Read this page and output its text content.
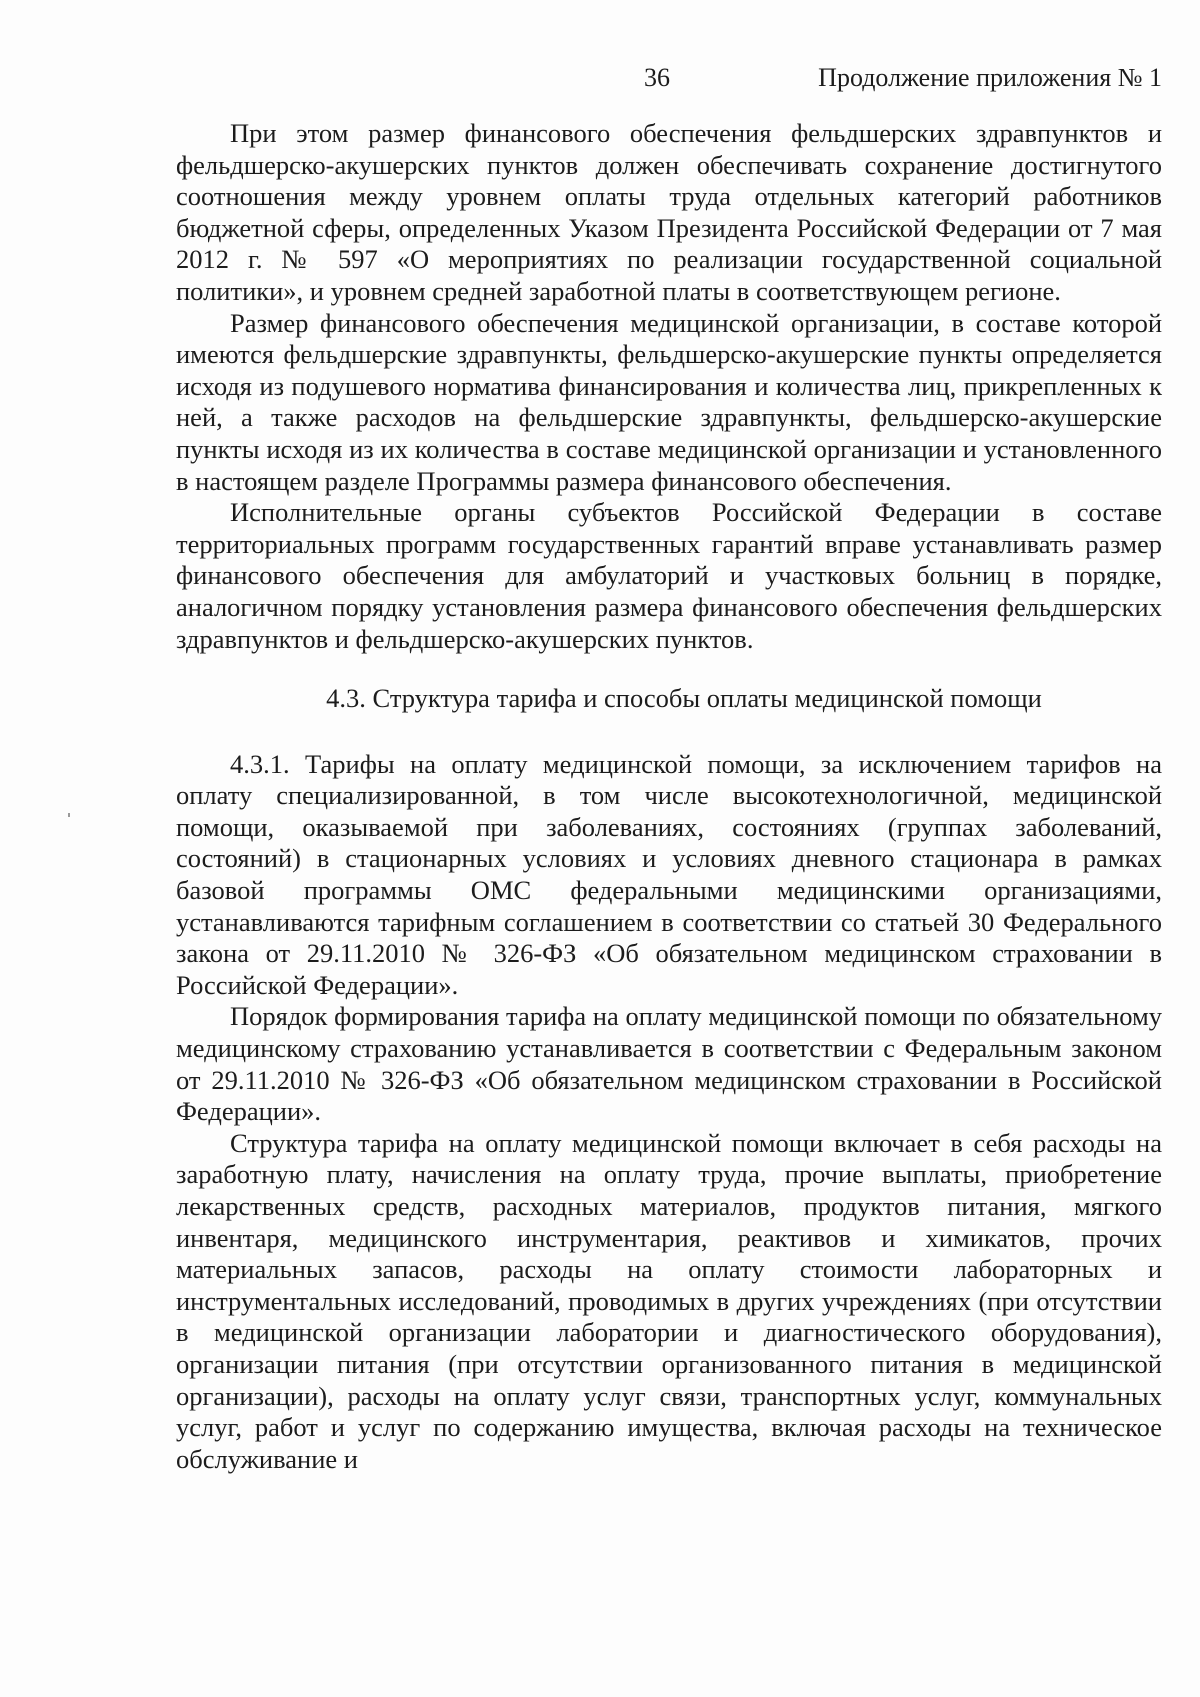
36	Продолжение приложения № 1

При этом размер финансового обеспечения фельдшерских здравпунктов и фельдшерско-акушерских пунктов должен обеспечивать сохранение достигнутого соотношения между уровнем оплаты труда отдельных категорий работников бюджетной сферы, определенных Указом Президента Российской Федерации от 7 мая 2012 г. № 597 «О мероприятиях по реализации государственной социальной политики», и уровнем средней заработной платы в соответствующем регионе.

Размер финансового обеспечения медицинской организации, в составе которой имеются фельдшерские здравпункты, фельдшерско-акушерские пункты определяется исходя из подушевого норматива финансирования и количества лиц, прикрепленных к ней, а также расходов на фельдшерские здравпункты, фельдшерско-акушерские пункты исходя из их количества в составе медицинской организации и установленного в настоящем разделе Программы размера финансового обеспечения.

Исполнительные органы субъектов Российской Федерации в составе территориальных программ государственных гарантий вправе устанавливать размер финансового обеспечения для амбулаторий и участковых больниц в порядке, аналогичном порядку установления размера финансового обеспечения фельдшерских здравпунктов и фельдшерско-акушерских пунктов.

4.3. Структура тарифа и способы оплаты медицинской помощи

4.3.1. Тарифы на оплату медицинской помощи, за исключением тарифов на оплату специализированной, в том числе высокотехнологичной, медицинской помощи, оказываемой при заболеваниях, состояниях (группах заболеваний, состояний) в стационарных условиях и условиях дневного стационара в рамках базовой программы ОМС федеральными медицинскими организациями, устанавливаются тарифным соглашением в соответствии со статьей 30 Федерального закона от 29.11.2010 № 326-ФЗ «Об обязательном медицинском страховании в Российской Федерации».

Порядок формирования тарифа на оплату медицинской помощи по обязательному медицинскому страхованию устанавливается в соответствии с Федеральным законом от 29.11.2010 № 326-ФЗ «Об обязательном медицинском страховании в Российской Федерации».

Структура тарифа на оплату медицинской помощи включает в себя расходы на заработную плату, начисления на оплату труда, прочие выплаты, приобретение лекарственных средств, расходных материалов, продуктов питания, мягкого инвентаря, медицинского инструментария, реактивов и химикатов, прочих материальных запасов, расходы на оплату стоимости лабораторных и инструментальных исследований, проводимых в других учреждениях (при отсутствии в медицинской организации лаборатории и диагностического оборудования), организации питания (при отсутствии организованного питания в медицинской организации), расходы на оплату услуг связи, транспортных услуг, коммунальных услуг, работ и услуг по содержанию имущества, включая расходы на техническое обслуживание и
